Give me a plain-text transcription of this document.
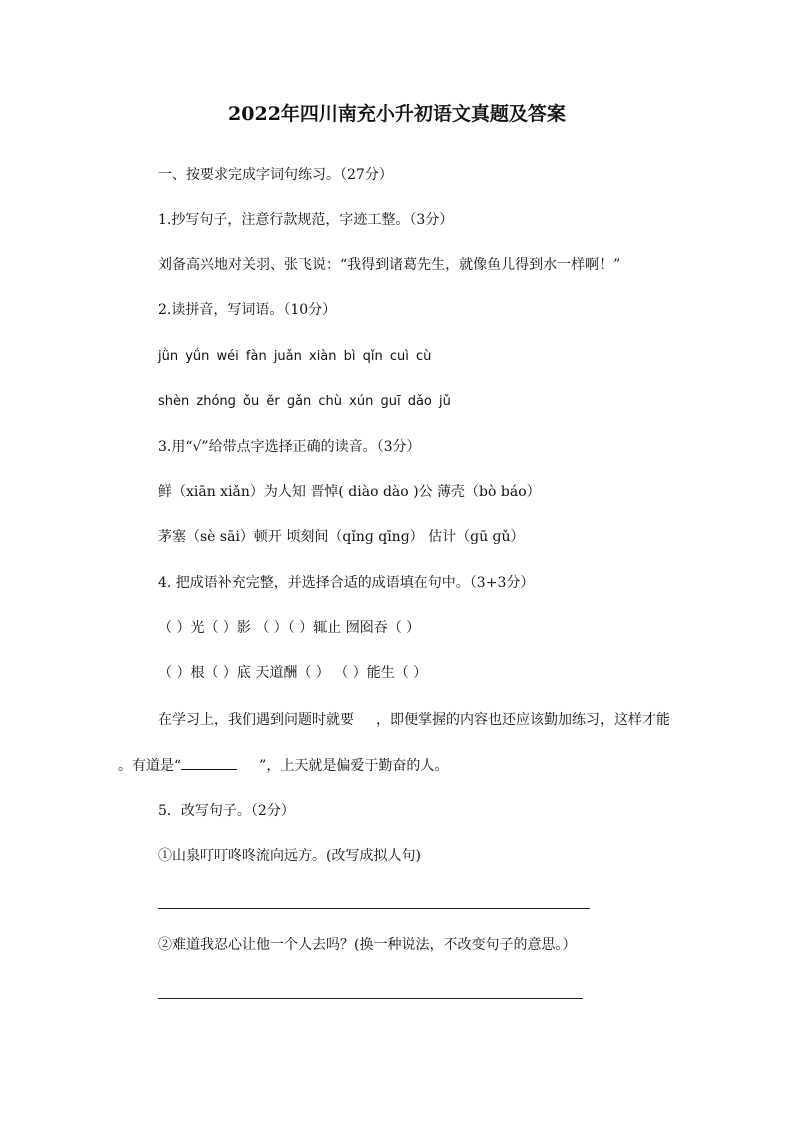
2022年四川南充小升初语文真题及答案
一、按要求完成字词句练习。（27分）
1.抄写句子，注意行款规范，字迹工整。（3分）
刘备高兴地对关羽、张飞说：“我得到诸葛先生，就像鱼儿得到水一样啊！”
2.读拼音，写词语。（10分）
jǜn yǘn wéi fàn juǎn xiàn bì qǐn cuì cù
shèn zhónɡ ǒu ěr ɡǎn chù xún ɡuī dǎo jǔ
3.用“√”给带点字选择正确的读音。（3分）
鲜（xiān xiǎn）为人知 晋悼( diào dào )公 薄壳（bò báo）
茅塞（sè sāi）顿开 顷刻间（qǐnɡ qīnɡ） 估计（ɡū ɡǔ）
4. 把成语补充完整，并选择合适的成语填在句中。（3+3分）
（ ）光（ ）影 （ ）（ ）辄止 囫囵吞（ ）
（ ）根（ ）底 天道酬（ ） （ ）能生（ ）
在学习上，我们遇到问题时就要 ，即便掌握的内容也还应该勤加练习，这样才能
。有道是“	”，上天就是偏爱于勤奋的人。
5．改写句子。（2分）
①山泉叮叮咚咚流向远方。(改写成拟人句)
②难道我忍心让他一个人去吗？(换一种说法，不改变句子的意思。）
